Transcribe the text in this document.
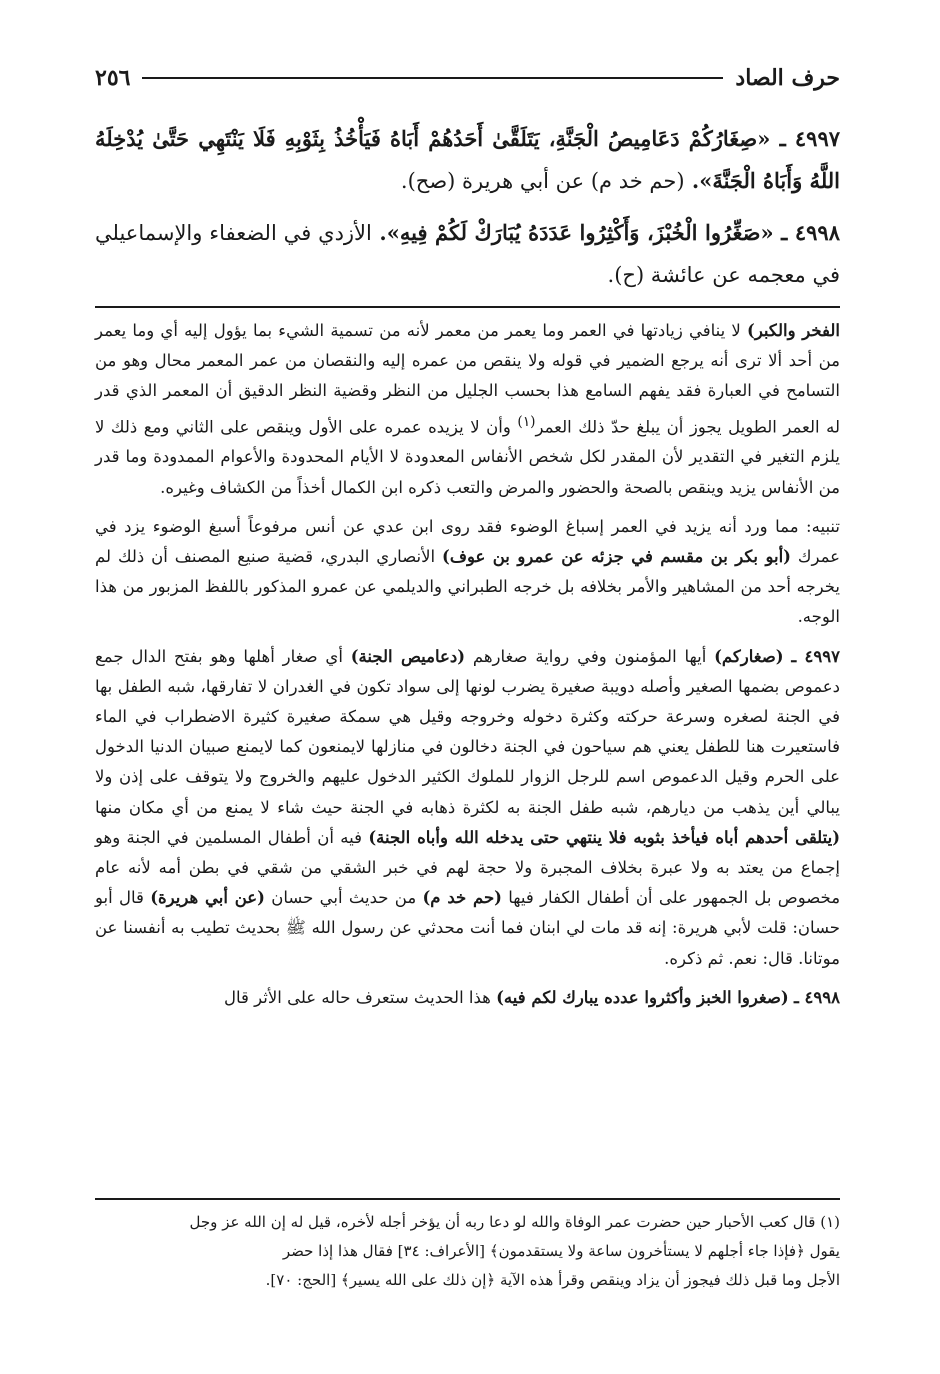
حرف الصاد
٢٥٦

٤٩٩٧ ـ «صِغَارُكُمْ دَعَامِيصُ الْجَنَّةِ، يَتَلَقَّىٰ أَحَدُهُمْ أَبَاهُ فَيَأْخُذُ بِثَوْبِهِ فَلَا يَنْتَهِي حَتَّىٰ يُدْخِلَهُ اللَّهُ وَأَبَاهُ الْجَنَّةَ». (حم خد م) عن أبي هريرة (صح).

٤٩٩٨ ـ «صَغِّرُوا الْخُبْزَ، وَأَكْثِرُوا عَدَدَهُ يُبَارَكْ لَكُمْ فِيهِ». الأزدي في الضعفاء والإسماعيلي في معجمه عن عائشة (ح).

الفخر والكبر) لا ينافي زيادتها في العمر وما يعمر من معمر لأنه من تسمية الشيء بما يؤول إليه أي وما يعمر من أحد ألا ترى أنه يرجع الضمير في قوله ولا ينقص من عمره إليه والنقصان من عمر المعمر محال وهو من التسامح في العبارة فقد يفهم السامع هذا بحسب الجليل من النظر وقضية النظر الدقيق أن المعمر الذي قدر له العمر الطويل يجوز أن يبلغ حدّ ذلك العمر$^{(١)}$ وأن لا يزيده عمره على الأول وينقص على الثاني ومع ذلك لا يلزم التغير في التقدير لأن المقدر لكل شخص الأنفاس المعدودة لا الأيام المحدودة والأعوام الممدودة وما قدر من الأنفاس يزيد وينقص بالصحة والحضور والمرض والتعب ذكره ابن الكمال أخذاً من الكشاف وغيره.

تنبيه: مما ورد أنه يزيد في العمر إسباغ الوضوء فقد روى ابن عدي عن أنس مرفوعاً أسبغ الوضوء يزد في عمرك (أبو بكر بن مقسم في جزئه عن عمرو بن عوف) الأنصاري البدري، قضية صنيع المصنف أن ذلك لم يخرجه أحد من المشاهير والأمر بخلافه بل خرجه الطبراني والديلمي عن عمرو المذكور باللفظ المزبور من هذا الوجه.

٤٩٩٧ ـ (صغاركم) أيها المؤمنون وفي رواية صغارهم (دعاميص الجنة) أي صغار أهلها وهو بفتح الدال جمع دعموص بضمها الصغير وأصله دويبة صغيرة يضرب لونها إلى سواد تكون في الغدران لا تفارقها، شبه الطفل بها في الجنة لصغره وسرعة حركته وكثرة دخوله وخروجه وقيل هي سمكة صغيرة كثيرة الاضطراب في الماء فاستعيرت هنا للطفل يعني هم سياحون في الجنة دخالون في منازلها لايمنعون كما لايمنع صبيان الدنيا الدخول على الحرم وقيل الدعموص اسم للرجل الزوار للملوك الكثير الدخول عليهم والخروج ولا يتوقف على إذن ولا يبالي أين يذهب من ديارهم، شبه طفل الجنة به لكثرة ذهابه في الجنة حيث شاء لا يمنع من أي مكان منها (يتلقى أحدهم أباه فيأخذ بثوبه فلا ينتهي حتى يدخله الله وأباه الجنة) فيه أن أطفال المسلمين في الجنة وهو إجماع من يعتد به ولا عبرة بخلاف المجبرة ولا حجة لهم في خبر الشقي من شقي في بطن أمه لأنه عام مخصوص بل الجمهور على أن أطفال الكفار فيها (حم خد م) من حديث أبي حسان (عن أبي هريرة) قال أبو حسان: قلت لأبي هريرة: إنه قد مات لي ابنان فما أنت محدثي عن رسول الله ﷺ بحديث تطيب به أنفسنا عن موتانا. قال: نعم. ثم ذكره.

٤٩٩٨ ـ (صغروا الخبز وأكثروا عدده يبارك لكم فيه) هذا الحديث ستعرف حاله على الأثر قال

(١) قال كعب الأحبار حين حضرت عمر الوفاة والله لو دعا ربه أن يؤخر أجله لأخره، قيل له إن الله عز وجل

يقول ﴿فإذا جاء أجلهم لا يستأخرون ساعة ولا يستقدمون﴾ [الأعراف: ٣٤] فقال هذا إذا حضر

الأجل وما قبل ذلك فيجوز أن يزاد وينقص وقرأ هذه الآية ﴿إن ذلك على الله يسير﴾ [الحج: ٧٠].
